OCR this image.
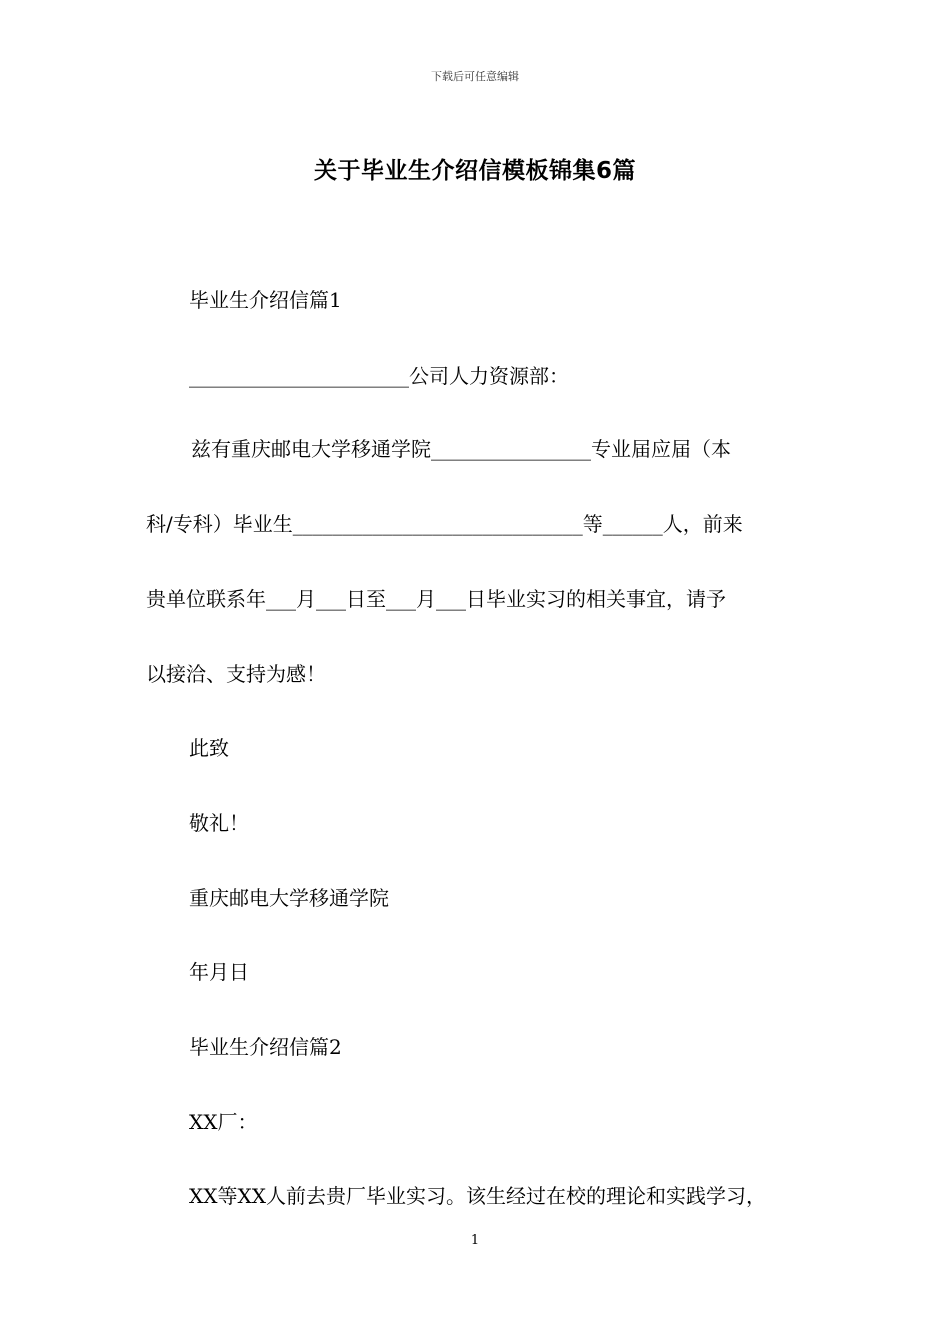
下载后可任意编辑
关于毕业生介绍信模板锦集6篇
毕业生介绍信篇1
______________________公司人力资源部：
兹有重庆邮电大学移通学院________________专业届应届（本
科/专科）毕业生_____________________________等______人，前来
贵单位联系年___月___日至___月___日毕业实习的相关事宜，请予
以接洽、支持为感！
此致
敬礼！
重庆邮电大学移通学院
年月日
毕业生介绍信篇2
XX厂：
XX等XX人前去贵厂毕业实习。该生经过在校的理论和实践学习，
1
